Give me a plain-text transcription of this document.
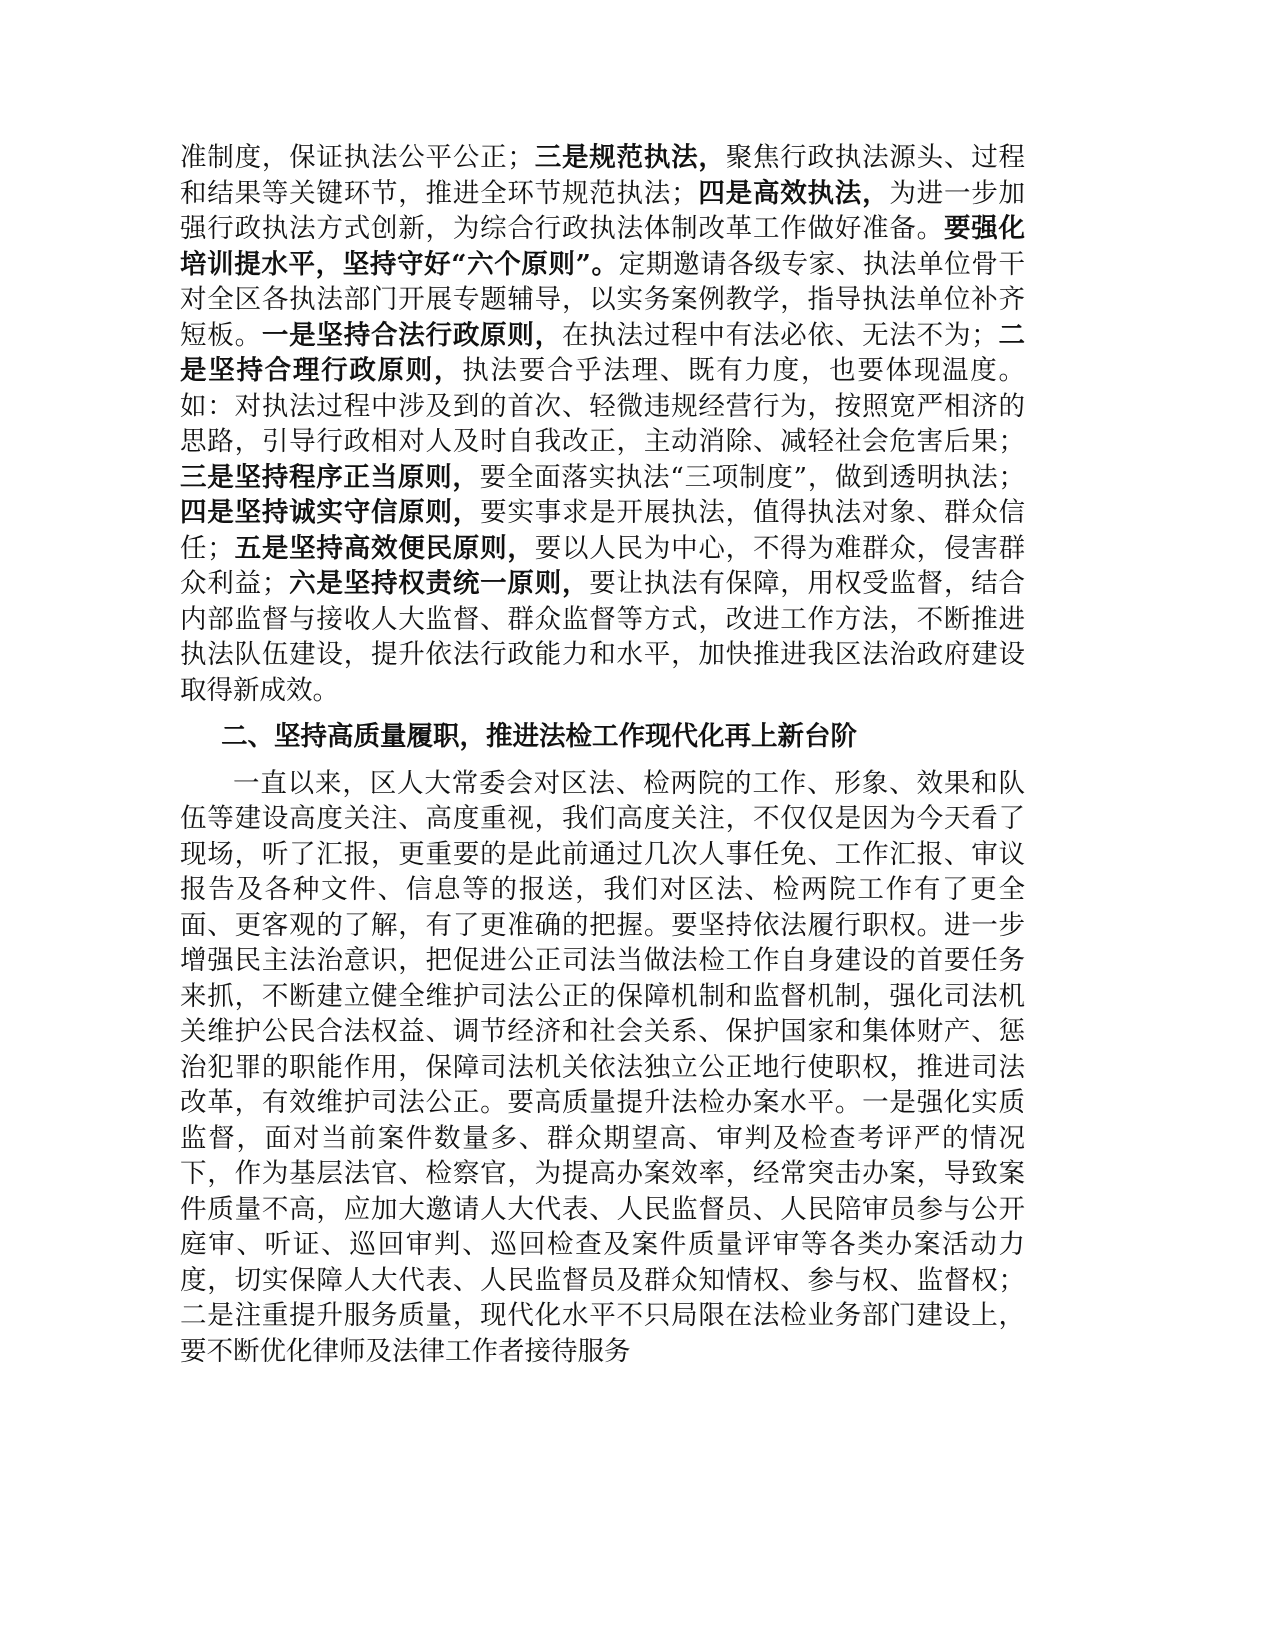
准制度，保证执法公平公正；三是规范执法，聚焦行政执法源头、过程和结果等关键环节，推进全环节规范执法；四是高效执法，为进一步加强行政执法方式创新，为综合行政执法体制改革工作做好准备。要强化培训提水平，坚持守好“六个原则”。定期邀请各级专家、执法单位骨干对全区各执法部门开展专题辅导，以实务案例教学，指导执法单位补齐短板。一是坚持合法行政原则，在执法过程中有法必依、无法不为；二是坚持合理行政原则，执法要合乎法理、既有力度，也要体现温度。如：对执法过程中涉及到的首次、轻微违规经营行为，按照宽严相济的思路，引导行政相对人及时自我改正，主动消除、减轻社会危害后果；三是坚持程序正当原则，要全面落实执法“三项制度”，做到透明执法；四是坚持诚实守信原则，要实事求是开展执法，值得执法对象、群众信任；五是坚持高效便民原则，要以人民为中心，不得为难群众，侵害群众利益；六是坚持权责统一原则，要让执法有保障，用权受监督，结合内部监督与接收人大监督、群众监督等方式，改进工作方法，不断推进执法队伍建设，提升依法行政能力和水平，加快推进我区法治政府建设取得新成效。

二、坚持高质量履职，推进法检工作现代化再上新台阶

一直以来，区人大常委会对区法、检两院的工作、形象、效果和队伍等建设高度关注、高度重视，我们高度关注，不仅仅是因为今天看了现场，听了汇报，更重要的是此前通过几次人事任免、工作汇报、审议报告及各种文件、信息等的报送，我们对区法、检两院工作有了更全面、更客观的了解，有了更准确的把握。要坚持依法履行职权。进一步增强民主法治意识，把促进公正司法当做法检工作自身建设的首要任务来抓，不断建立健全维护司法公正的保障机制和监督机制，强化司法机关维护公民合法权益、调节经济和社会关系、保护国家和集体财产、惩治犯罪的职能作用，保障司法机关依法独立公正地行使职权，推进司法改革，有效维护司法公正。要高质量提升法检办案水平。一是强化实质监督，面对当前案件数量多、群众期望高、审判及检查考评严的情况下，作为基层法官、检察官，为提高办案效率，经常突击办案，导致案件质量不高，应加大邀请人大代表、人民监督员、人民陪审员参与公开庭审、听证、巡回审判、巡回检查及案件质量评审等各类办案活动力度，切实保障人大代表、人民监督员及群众知情权、参与权、监督权；二是注重提升服务质量，现代化水平不只局限在法检业务部门建设上，要不断优化律师及法律工作者接待服务
